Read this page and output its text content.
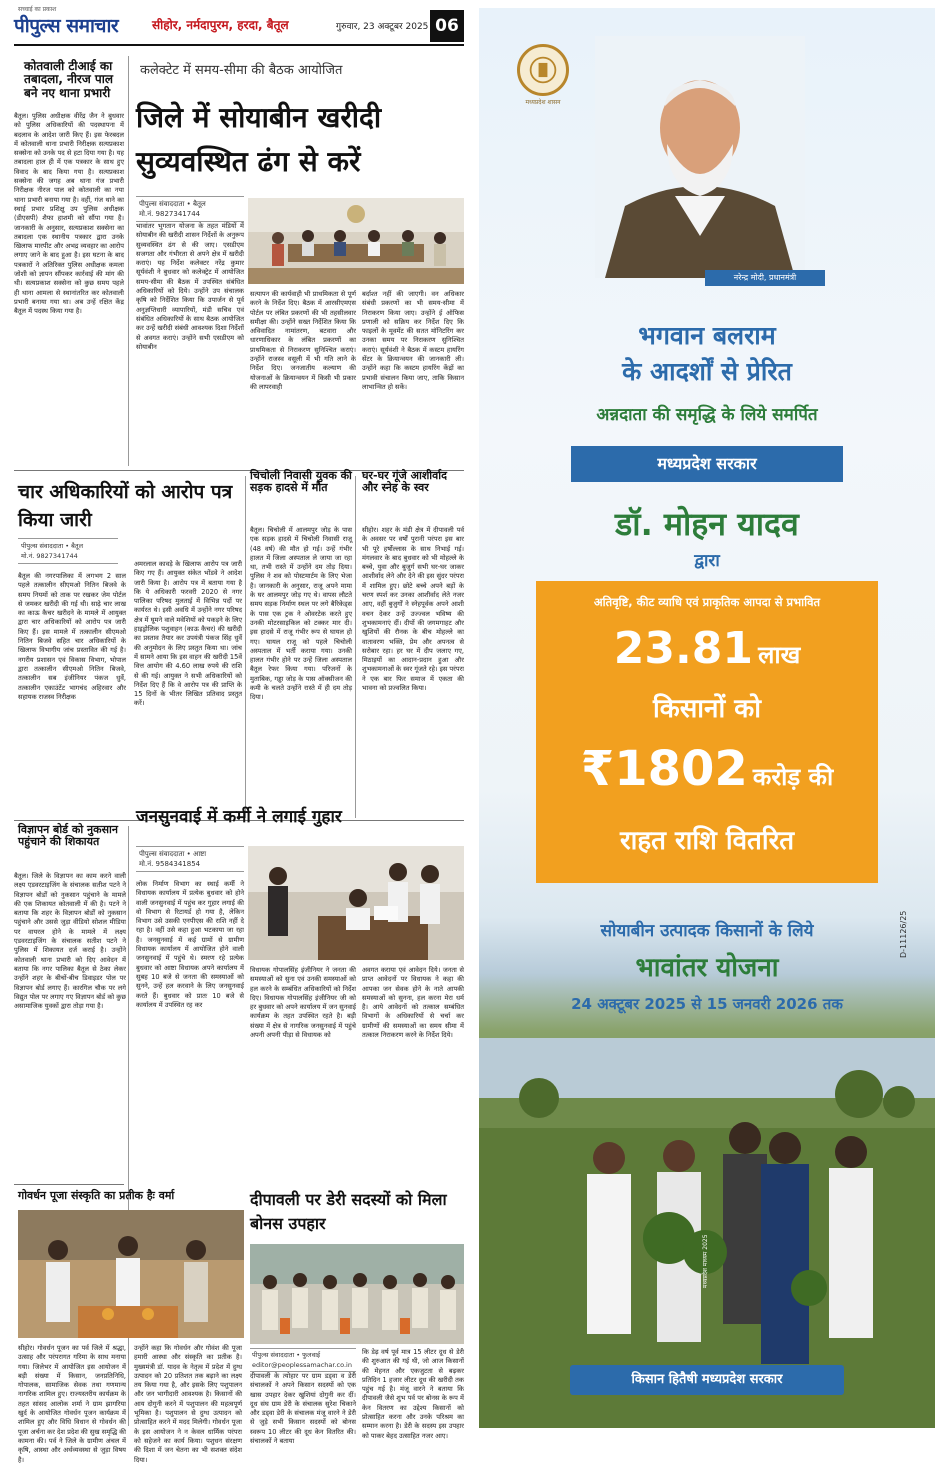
सच्चाई का प्रकाश
पीपुल्स समाचार	सीहोर, नर्मदापुरम, हरदा, बैतूल	गुरुवार, 23 अक्टूबर 2025 06
कोतवाली टीआई का तबादला, नीरज पाल बने नए थाना प्रभारी
बैतूल। पुलिस अधीक्षक वीरेंद्र जैन ने बुधवार को पुलिस अधिकारियों की पदस्थापना में बदलाव के आदेश जारी किए हैं। इस फेरबदल में कोतवाली थाना प्रभारी निरीक्षक सत्यप्रकाश सक्सेना को उनके पद से हटा दिया गया है। यह तबादला हाल ही में एक पत्रकार के साथ हुए विवाद के बाद किया गया है। सत्यप्रकाश सक्सेना की जगह अब थाना गंज प्रभारी निरीक्षक नीरज पाल को कोतवाली का नया थाना प्रभारी बनाया गया है। वहीं, गंज थाने का स्थाई प्रभार प्रशिक्षु उप पुलिस अधीक्षक (डीएसपी) शैफा हाशमी को सौंपा गया है। जानकारी के अनुसार, सत्यप्रकाश सक्सेना का तबादला एक स्थानीय पत्रकार द्वारा उनके खिलाफ मारपीट और अभद्र व्यवहार का आरोप लगाए जाने के बाद हुआ है। इस घटना के बाद पत्रकारों ने अतिरिक्त पुलिस अधीक्षक कमला जोशी को ज्ञापन सौंपकर कार्रवाई की मांग की थी। सत्यप्रकाश सक्सेना को कुछ समय पहले ही थाना आमला से स्थानांतरित कर कोतवाली प्रभारी बनाया गया था। अब उन्हें रक्षित केंद्र बैतूल में पदस्थ किया गया है।
कलेक्टेट में समय-सीमा की बैठक आयोजित
जिले में सोयाबीन खरीदी सुव्यवस्थित ढंग से करें
पीपुल्स संवाददाता • बैतूल
मो.नं. 9827341744
भावांतर भुगतान योजना के तहत मंडियों में सोयाबीन की खरीदी शासन निर्देशों के अनुरूप सुव्यवस्थित ढंग से की जाए। एसडीएम सजगता और गंभीरता से अपने क्षेत्र में खरीदी कराएं। यह निर्देश कलेक्टर नरेंद्र कुमार सूर्यवंशी ने बुधवार को कलेक्ट्रेट में आयोजित समय-सीमा की बैठक में उपस्थित संबंधित अधिकारियों को दिये। उन्होंने उप संचालक कृषि को निर्देशित किया कि उपार्जन से पूर्व अनुज्ञप्तिधारी व्यापारियों, मंडी सचिव एवं संबंधित अधिकारियों के साथ बैठक आयोजित कर उन्हें खरीदी संबंधी आवश्यक दिशा निर्देशों से अवगत कराएं। उन्होंने सभी एसडीएम को सोयाबीन
सत्यापन की कार्यवाही भी प्राथमिकता से पूर्ण करने के निर्देश दिए। बैठक में आरसीएमएस पोर्टल पर लंबित प्रकरणों की भी तहसीलवार समीक्षा की। उन्होंने सख्त निर्देशित किया कि अविवादित नामांतरण, बटवारा और धारणाधिकार के लंबित प्रकरणों का प्राथमिकता से निराकरण सुनिश्चित कराएं। उन्होंने राजस्व वसूली में भी गति लाने के निर्देश दिए। जनजातीय कल्याण की योजनाओं के क्रियान्वयन में किसी भी प्रकार की लापरवाही
बर्दाश्त नहीं की जाएगी। वन अधिकार संबंधी प्रकरणों का भी समय-सीमा में निराकरण किया जाए। उन्होंने ई ऑफिस प्रणाली को सक्रिय कर निर्देश दिए कि फाइलों के मूवमेंट की सतत मॉनिटरिंग कर उनका समय पर निराकरण सुनिश्चित कराएं। सूर्यवंशी ने बैठक में कस्टम हायरिंग सेंटर के क्रियान्वयन की जानकारी ली। उन्होंने कहा कि कस्टम हायरिंग केंद्रों का प्रभावी संचालन किया जाए, ताकि किसान लाभान्वित हो सकें।
चार अधिकारियों को आरोप पत्र किया जारी
पीपुल्स संवाददाता • बैतूल
मो.नं. 9827341744
बैतूल की नगरपालिका में लगभग 2 साल पहले तत्कालीन सीएमओ नितिन बिजवे के समय नियमों को ताक पर रखकर जेम पोर्टल से जमकर खरीदी की गई थी। साढ़े चार लाख का काऊ कैचर खरीदने के मामले में आयुक्त द्वारा चार अधिकारियों को आरोप पत्र जारी किए हैं। इस मामले में तत्कालीन सीएमओ नितिन बिजवे सहित चार अधिकारियों के खिलाफ विभागीय जांच प्रस्तावित की गई है। नगरीय प्रशासन एवं विकास विभाग, भोपाल द्वारा तत्कालीन सीएमओ नितिन बिजवे, तत्कालीन सब इंजीनियर पंकज धुर्वे, तत्कालीन एकाउंटेंट भागचंद अहिरवार और सहायक राजस्व निरीक्षक
अमरलाल कावड़े के खिलाफ आरोप पत्र जारी किए गए हैं। आयुक्त संकेत भोंडवे ने आदेश जारी किया है। आरोप पत्र में बताया गया है कि ये अधिकारी फरवरी 2020 से नगर पालिका परिषद मुलताई में विभिन्न पदों पर कार्यरत थे। इसी अवधि में उन्होंने नगर परिषद क्षेत्र में घूमने वाले मवेशियों को पकड़ने के लिए हाइड्रोलिक पशुवाहन (काऊ कैचर) की खरीदी का प्रस्ताव तैयार कर उपयंत्री पंकज सिंह धुर्वे की अनुमोदन के लिए प्रस्तुत किया था। जांच में सामने आया कि इस वाहन की खरीदी 15वें वित्त आयोग की 4.60 लाख रुपये की राशि से की गई। आयुक्त ने सभी अधिकारियों को निर्देश दिए हैं कि वे आरोप पत्र की प्राप्ति के 15 दिनों के भीतर लिखित प्रतिवाद प्रस्तुत करें।
चिचोली निवासी युवक की सड़क हादसे में मौत
बैतूल। चिचोली में आलमपुर जोड़ के पास एक सड़क हादसे में चिचोली निवासी राजू (48 वर्ष) की मौत हो गई। उन्हें गंभीर हालत में जिला अस्पताल ले जाया जा रहा था, तभी रास्ते में उन्होंने दम तोड़ दिया। पुलिस ने शव को पोस्टमार्टम के लिए भेजा है। जानकारी के अनुसार, राजू अपने मामा के घर आलमपुर जोड़ गए थे। वापस लौटते समय सड़क निर्माण स्थल पर लगे बैरिकेड्स के पास एक ट्रक ने ओवरटेक करते हुए उनकी मोटरसाइकिल को टक्कर मार दी। इस हादसे में राजू गंभीर रूप से घायल हो गए। घायल राजू को पहले चिचोली अस्पताल में भर्ती कराया गया। उनकी हालत गंभीर होने पर उन्हें जिला अस्पताल बैतूल रेफर किया गया। परिजनों के मुताबिक, गड्ढा जोड़ के पास ऑक्सीजन की कमी के चलते उन्होंने रास्ते में ही दम तोड़ दिया।
घर-घर गूंजे आशीर्वाद और स्नेह के स्वर
सीहोर। शहर के मंडी क्षेत्र में दीपावली पर्व के अवसर पर वर्षों पुरानी परंपरा इस बार भी पूरे हर्षोल्लास के साथ निभाई गई। मंगलवार के बाद बुधवार को भी मोहल्ले के बच्चे, युवा और बुजुर्ग सभी घर-घर जाकर आशीर्वाद लेने और देने की इस सुंदर परंपरा में शामिल हुए। छोटे बच्चे अपने बड़ों के चरण स्पर्श कर उनका आशीर्वाद लेते नजर आए, वहीं बुजुर्गों ने स्नेहपूर्वक अपने आशी वचन देकर उन्हें उज्ज्वल भविष्य की शुभकामनाएं दीं। दीपों की जगमगाहट और खुशियों की रौनक के बीच मोहल्ले का वातावरण भक्ति, प्रेम और अपनत्व से सरोबार रहा। हर घर में दीप जलाए गए, मिठाइयों का आदान-प्रदान हुआ और शुभकामनाओं के स्वर गूंजते रहे। इस परंपरा ने एक बार फिर समाज में एकता की भावना को प्रज्वलित किया।
विज्ञापन बोर्ड को नुकसान पहुंचाने की शिकायत
बैतूल। जिले के विज्ञापन का काम करने वाली लक्ष्य एडवरटाइजिंग के संचालक सतीश पटने ने विज्ञापन बोर्डों को नुकसान पहुंचाने के मामले की एक शिकायत कोतवाली में की है। पटने ने बताया कि शहर के विज्ञापन बोर्डों को नुकसान पहुंचाने और उससे जुड़ा वीडियो सोशल मीडिया पर वायरल होने के मामले में लक्ष्य एडवरटाइजिंग के संचालक सतीश पटने ने पुलिस में शिकायत दर्ज कराई है। उन्होंने कोतवाली थाना प्रभारी को दिए आवेदन में बताया कि नगर पालिका बैतूल से ठेका लेकर उन्होंने शहर के बीचों-बीच डिवाइडर पोल पर विज्ञापन बोर्ड लगाए हैं। कारगिल चौक पर लगे विद्युत पोल पर लगाए गए विज्ञापन बोर्ड को कुछ असामाजिक युवकों द्वारा तोड़ा गया है।
जनसुनवाई में कर्मी ने लगाई गुहार
पीपुल्स संवाददाता • आष्टा
मो.नं. 9584341854
लोक निर्माण विभाग का स्थाई कर्मी ने विधायक कार्यालय में प्रत्येक बुधवार को होने वाली जनसुनवाई में पहुंच कर गुहार लगाई की वो विभाग से रिटायर्ड हो गया है, लेकिन विभाग उसे उसकी एनपीएस की राशि नहीं दे रहा है। वहीं उसे कहा हुआ भटकाया जा रहा है। जनसुनवाई में कई ग्रामों से ग्रामीण विधायक कार्यालय में आयोजित होने वाली जनसुनवाई में पहुंचे थे। स्मरण रहे प्रत्येक बुधवार को आष्टा विधायक अपने कार्यालय में सुबह 10 बजे से जनता की समस्याओं को सुनने, उन्हें हल करवाने के लिए जनसुनवाई करते हैं। बुधवार को प्रातः 10 बजे से कार्यालय में उपस्थित रह कर
विधायक गोपालसिंह इंजीनियर ने जनता की समस्याओं को सुना एवं उनकी समस्याओं को हल करने के सम्बंधित अधिकारियों को निर्देश दिए। विधायक गोपालसिंह इंजीनियर जी को हर बुधवार को अपने कार्यालय में जन सुनवाई कार्यक्रम के तहत उपस्थित रहते है। बड़ी संख्या में क्षेत्र से नागरिक जनसुनवाई में पहुंचे अपनी अपनी पीड़ा से विधायक को
अवगत कराया एवं आवेदन दिये। जनता से प्राप्त आवेदनों पर विधायक ने कहा की आपका जन सेवक होने के नाते आपकी समस्याओं को सुनना, हल करना मेरा धर्म है। आये आवेदनों को तत्काल सम्बंधित विभागों के अधिकारियों से चर्चा कर ग्रामीणों की समस्याओं का समय सीमा में तत्काल निराकरण करने के निर्देश दिये।
गोवर्धन पूजा संस्कृति का प्रतीक हैः वर्मा
सीहोर। गोवर्धन पूजन का पर्व जिले में श्रद्धा, उत्साह और परंपरागत गरिमा के साथ मनाया गया। जिलेभर में आयोजित इस आयोजन में बड़ी संख्या में किसान, जनप्रतिनिधि, गोपालक, सामाजिक सेवक तथा गणमान्य नागरिक शामिल हुए। राज्यस्तरीय कार्यक्रम के तहत सांसद आलोक शर्मा ने ग्राम झागरिया खुर्द के आयोजित गोवर्धन पूजन कार्यक्रम में शामिल हुए और विधि विधान से गोवर्धन की पूजा अर्चना कर देश प्रदेश की सुख समृद्धि की कामना की। पर्व ने जिले के ग्रामीण अंचल में कृषि, आस्था और अर्थव्यवस्था से जुड़ा विषय है।
उन्होंने कहा कि गोवर्धन और गोवंश की पूजा हमारी आस्था और संस्कृति का प्रतीक है। मुख्यमंत्री डॉ. यादव के नेतृत्व में प्रदेश में दुग्ध उत्पादन को 20 प्रतिशत तक बढ़ाने का लक्ष्य तय किया गया है, और इसके लिए पशुपालन और जन भागीदारी आवश्यक है। किसानों की आय दोगुनी करने में पशुपालन की महत्वपूर्ण भूमिका है। पशुपालन से दुग्ध उत्पादन को प्रोत्साहित करने में मदद मिलेगी। गोवर्धन पूजा के इस आयोजन ने न केवल धार्मिक परंपरा को सहेजने का कार्य किया। पशुधन संरक्षण की दिशा में जन चेतना का भी सशक्त संदेश दिया।
दीपावली पर डेरी सदस्यों को मिला बोनस उपहार
पीपुल्स संवाददाता • फुलवाई
editor@peoplessamachar.co.in
दीपावली के त्योहार पर ग्राम डड्वा व डेरी संचालकों ने अपने किसान सदस्यों को एक खास उपहार देकर खुशियां दोगुनी कर दीं। दूध संघ ग्राम डेरी के संचालक सुरेश चिकाने और डड्वा डेरी के संचालक मंजू वारने ने डेरी से जुड़े सभी किसान सदस्यों को बोनस स्वरूप 10 लीटर की दूध केन वितरित की। संचालकों ने बताया
कि डेढ़ वर्ष पूर्व मात्र 15 लीटर दूध से डेरी की शुरुआत की गई थी, जो आज किसानों की मेहनत और एकजुटता से बढ़कर प्रतिदिन 1 हजार लीटर दूध की खरीदी तक पहुंच गई है। मंजू वारने ने बताया कि दीपावली जैसे शुभ पर्व पर बोनस के रूप में केन वितरण का उद्देश्य किसानों को प्रोत्साहित करना और उनके परिश्रम का सम्मान करना है। डेरी के सदस्य इस उपहार को पाकर बेहद उत्साहित नजर आए।
मध्यप्रदेश शासन
नरेन्द्र मोदी, प्रधानमंत्री
भगवान बलराम
के आदर्शों से प्रेरित
अन्नदाता की समृद्धि के लिये समर्पित
मध्यप्रदेश सरकार
डॉ. मोहन यादव
द्वारा
अतिवृष्टि, कीट व्याधि एवं प्राकृतिक आपदा से प्रभावित
23.81 लाख
किसानों को
₹1802 करोड़ की
राहत राशि वितरित
सोयाबीन उत्पादक किसानों के लिये
भावांतर योजना
24 अक्टूबर 2025 से 15 जनवरी 2026 तक
D-11126/25
मध्यप्रदेश माध्यम 2025
किसान हितैषी मध्यप्रदेश सरकार
